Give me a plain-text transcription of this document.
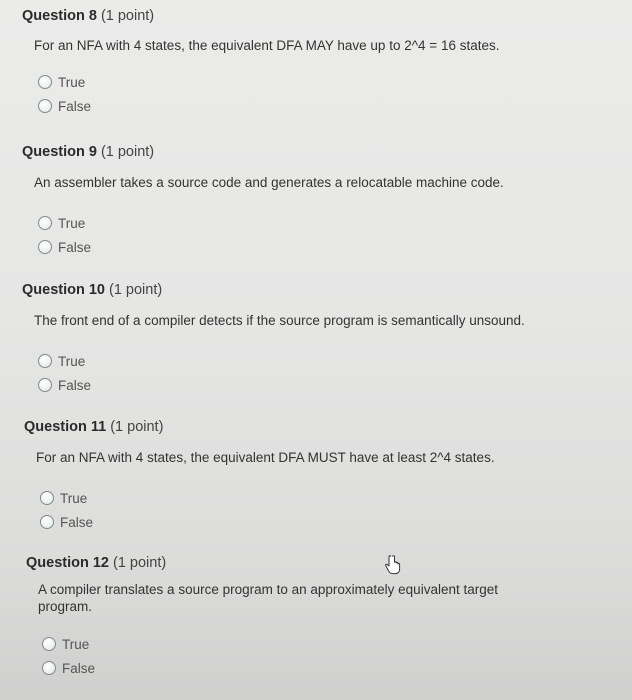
Question 8 (1 point)
For an NFA with 4 states, the equivalent DFA MAY have up to 2^4 = 16 states.
True
False
Question 9 (1 point)
An assembler takes a source code and generates a relocatable machine code.
True
False
Question 10 (1 point)
The front end of a compiler detects if the source program is semantically unsound.
True
False
Question 11 (1 point)
For an NFA with 4 states, the equivalent DFA MUST have at least 2^4 states.
True
False
Question 12 (1 point)
A compiler translates a source program to an approximately equivalent target program.
True
False
